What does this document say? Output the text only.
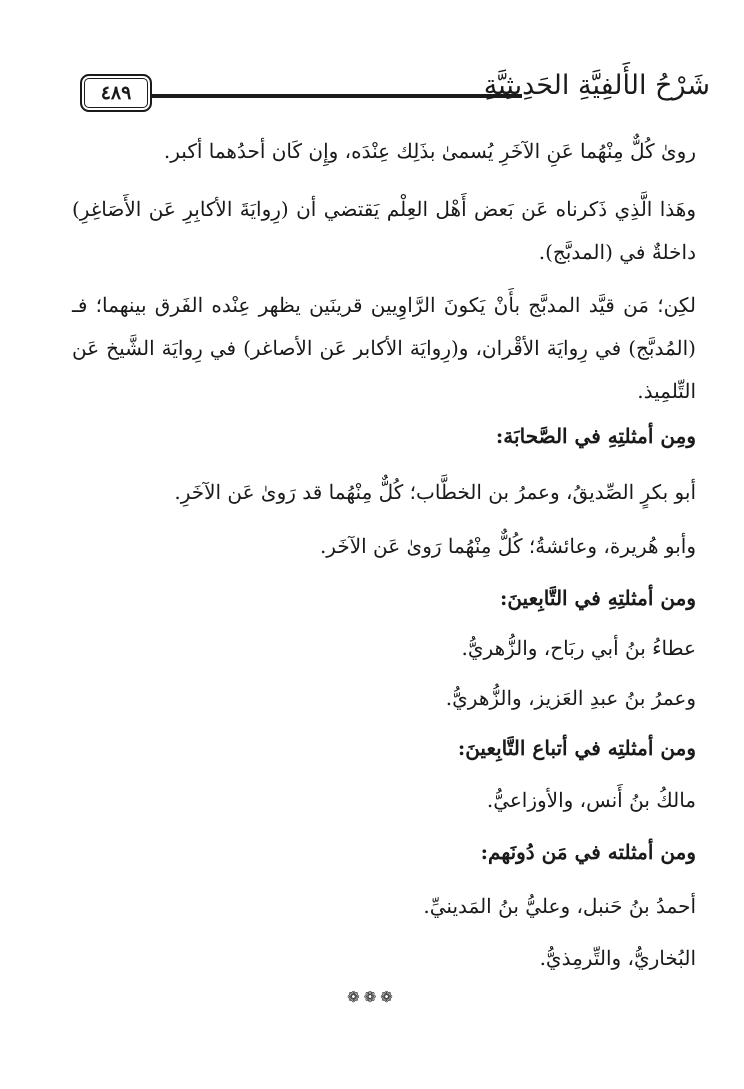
٤٨٩	شَرْحُ الأَلفِيَّةِ الحَدِيثِيَّةِ
روىٰ كُلٌّ مِنْهُما عَنِ الآخَرِ يُسمىٰ بذَلِك عِنْدَه، وإِن كَان أحدُهما أكبر.
وهَذا الَّذِي ذَكرناه عَن بَعض أَهْل العِلْم يَقتضي أن (رِوايَةَ الأكابِرِ عَن الأَصَاغِرِ) داخلةٌ في (المدبَّج).
لكِن؛ مَن قيَّد المدبَّج بأَنْ يَكونَ الرَّاوِيين قرينَين يظهر عِنْده الفَرق بينهما؛ فـ (المُدبَّج) في رِوايَة الأقْران، و(رِوايَة الأكابر عَن الأصاغر) في رِوايَة الشَّيخ عَن التِّلمِيذ.
ومِن أمثلتِهِ في الصَّحابَة:
أبو بكرٍ الصِّديقُ، وعمرُ بن الخطَّاب؛ كُلٌّ مِنْهُما قد رَوىٰ عَن الآخَرِ.
وأبو هُريرة، وعائشةُ؛ كُلٌّ مِنْهُما رَوىٰ عَن الآخَر.
ومن أمثلتِهِ في التَّابِعينَ:
عطاءُ بنُ أبي ربَاح، والزُّهريُّ.
وعمرُ بنُ عبدِ العَزيز، والزُّهريُّ.
ومن أمثلتِه في أتباع التَّابِعينَ:
مالكُ بنُ أَنس، والأوزاعيُّ.
ومن أمثلته في مَن دُونَهم:
أحمدُ بنُ حَنبل، وعليُّ بنُ المَدينيِّ.
البُخاريُّ، والتِّرمِذيُّ.
❁❁❁
